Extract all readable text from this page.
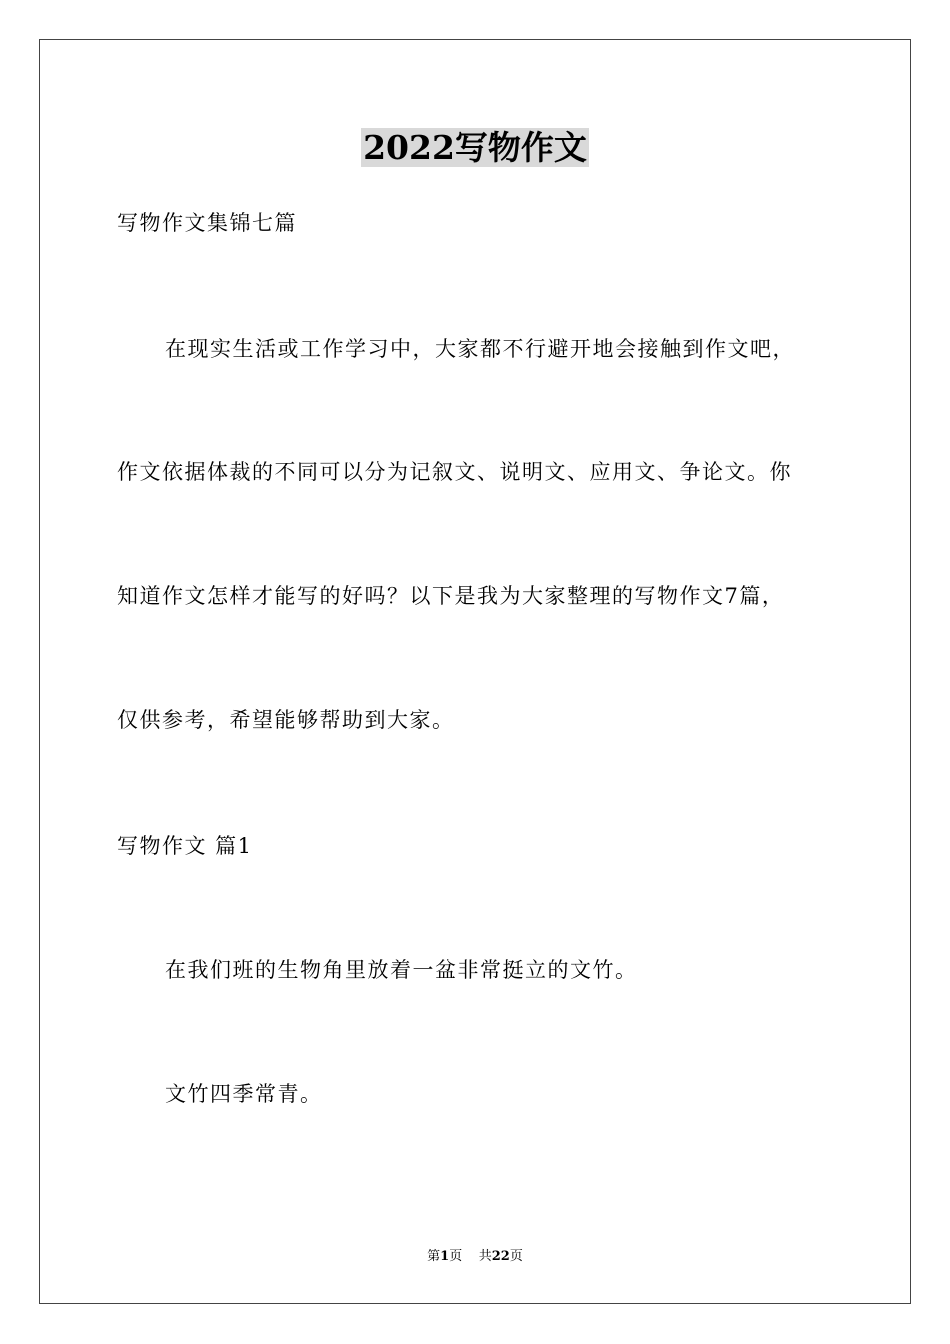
2022写物作文
写物作文集锦七篇
在现实生活或工作学习中，大家都不行避开地会接触到作文吧，
作文依据体裁的不同可以分为记叙文、说明文、应用文、争论文。你
知道作文怎样才能写的好吗？以下是我为大家整理的写物作文7篇，
仅供参考，希望能够帮助到大家。
写物作文 篇1
在我们班的生物角里放着一盆非常挺立的文竹。
文竹四季常青。
第1页 共22页
